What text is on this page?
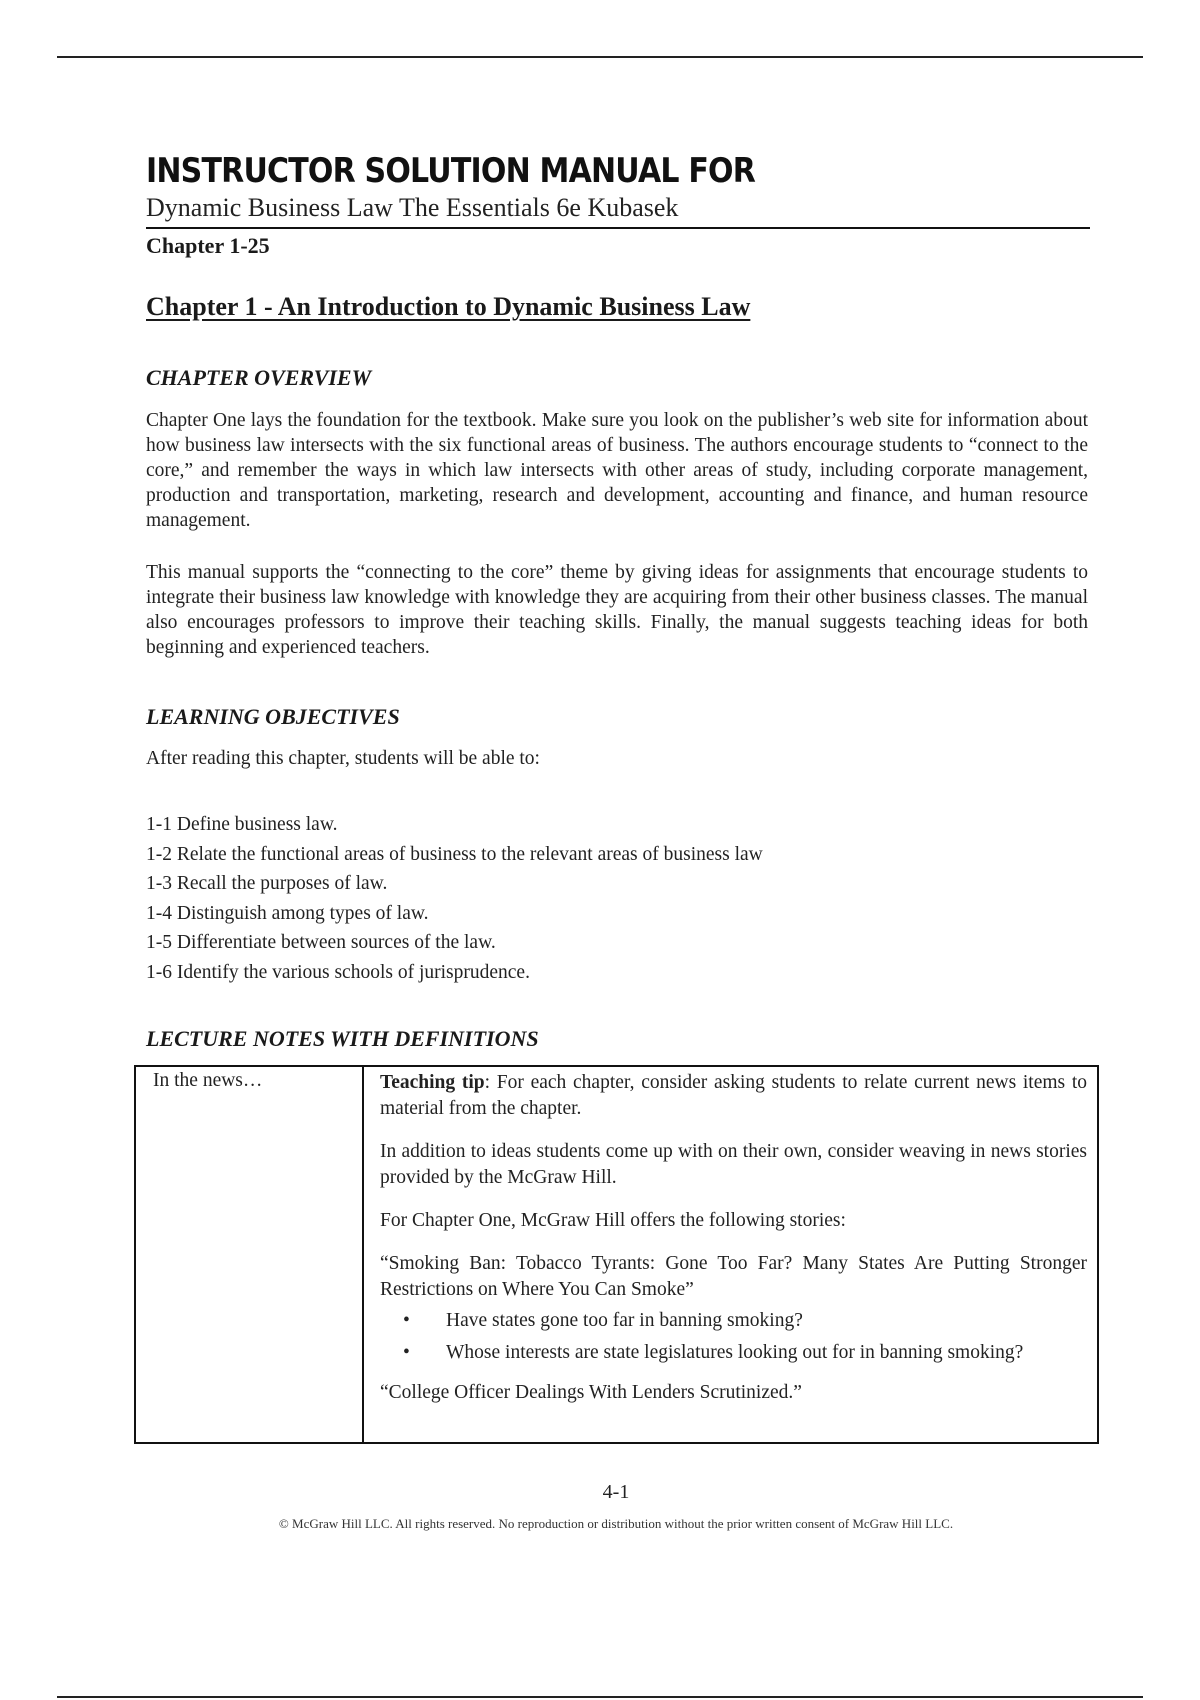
INSTRUCTOR SOLUTION MANUAL FOR
Dynamic Business Law The Essentials 6e Kubasek
Chapter 1-25
Chapter 1 - An Introduction to Dynamic Business Law
CHAPTER OVERVIEW

Chapter One lays the foundation for the textbook. Make sure you look on the publisher’s web site for information about how business law intersects with the six functional areas of business. The authors encourage students to “connect to the core,” and remember the ways in which law intersects with other areas of study, including corporate management, production and transportation, marketing, research and development, accounting and finance, and human resource management.

This manual supports the “connecting to the core” theme by giving ideas for assignments that encourage students to integrate their business law knowledge with knowledge they are acquiring from their other business classes. The manual also encourages professors to improve their teaching skills. Finally, the manual suggests teaching ideas for both beginning and experienced teachers.

LEARNING OBJECTIVES

After reading this chapter, students will be able to:

1-1 Define business law.
1-2 Relate the functional areas of business to the relevant areas of business law
1-3 Recall the purposes of law.
1-4 Distinguish among types of law.
1-5 Differentiate between sources of the law.
1-6 Identify the various schools of jurisprudence.
LECTURE NOTES WITH DEFINITIONS
In the news…	Teaching tip: For each chapter, consider asking students to relate current news items to material from the chapter.

In addition to ideas students come up with on their own, consider weaving in news stories provided by the McGraw Hill.

For Chapter One, McGraw Hill offers the following stories:

“Smoking Ban: Tobacco Tyrants: Gone Too Far? Many States Are Putting Stronger Restrictions on Where You Can Smoke”

• Have states gone too far in banning smoking?
• Whose interests are state legislatures looking out for in banning smoking?

“College Officer Dealings With Lenders Scrutinized.”

4-1
© McGraw Hill LLC. All rights reserved. No reproduction or distribution without the prior written consent of McGraw Hill LLC.
